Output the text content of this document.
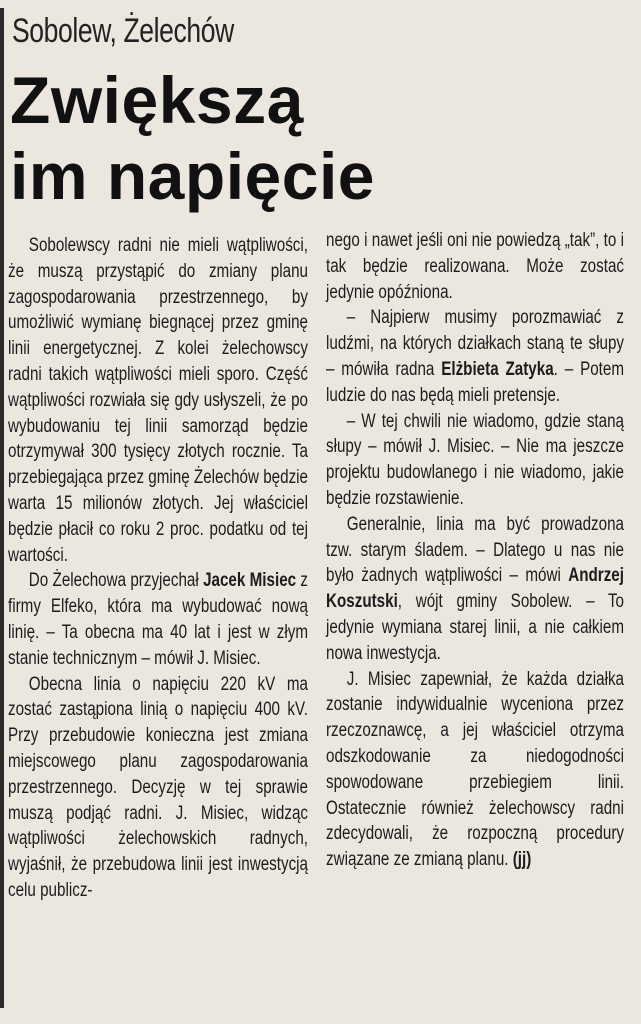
Sobolew, Żelechów
Zwiększą
im napięcie

Sobolewscy radni nie mieli wątpliwości, że muszą przystąpić do zmiany planu zagospodarowania przestrzennego, by umożliwić wymianę biegnącej przez gminę linii energetycznej. Z kolei żelechowscy radni takich wątpliwości mieli sporo. Część wątpliwości rozwiała się gdy usłyszeli, że po wybudowaniu tej linii samorząd będzie otrzymywał 300 tysięcy złotych rocznie. Ta przebiegająca przez gminę Żelechów będzie warta 15 milionów złotych. Jej właściciel będzie płacił co roku 2 proc. podatku od tej wartości.

Do Żelechowa przyjechał Jacek Misiec z firmy Elfeko, która ma wybudować nową linię. – Ta obecna ma 40 lat i jest w złym stanie technicznym – mówił J. Misiec.

Obecna linia o napięciu 220 kV ma zostać zastąpiona linią o napięciu 400 kV. Przy przebudowie konieczna jest zmiana miejscowego planu zagospodarowania przestrzennego. Decyzję w tej sprawie muszą podjąć radni. J. Misiec, widząc wątpliwości żelechowskich radnych, wyjaśnił, że przebudowa linii jest inwestycją celu publicz-

nego i nawet jeśli oni nie powiedzą „tak”, to i tak będzie realizowana. Może zostać jedynie opóźniona.

– Najpierw musimy porozmawiać z ludźmi, na których działkach staną te słupy – mówiła radna Elżbieta Zatyka. – Potem ludzie do nas będą mieli pretensje.

– W tej chwili nie wiadomo, gdzie staną słupy – mówił J. Misiec. – Nie ma jeszcze projektu budowlanego i nie wiadomo, jakie będzie rozstawienie.

Generalnie, linia ma być prowadzona tzw. starym śladem. – Dlatego u nas nie było żadnych wątpliwości – mówi Andrzej Koszutski, wójt gminy Sobolew. – To jedynie wymiana starej linii, a nie całkiem nowa inwestycja.

J. Misiec zapewniał, że każda działka zostanie indywidualnie wyceniona przez rzeczoznawcę, a jej właściciel otrzyma odszkodowanie za niedogodności spowodowane przebiegiem linii. Ostatecznie również żelechowscy radni zdecydowali, że rozpoczną procedury związane ze zmianą planu. (jj)
